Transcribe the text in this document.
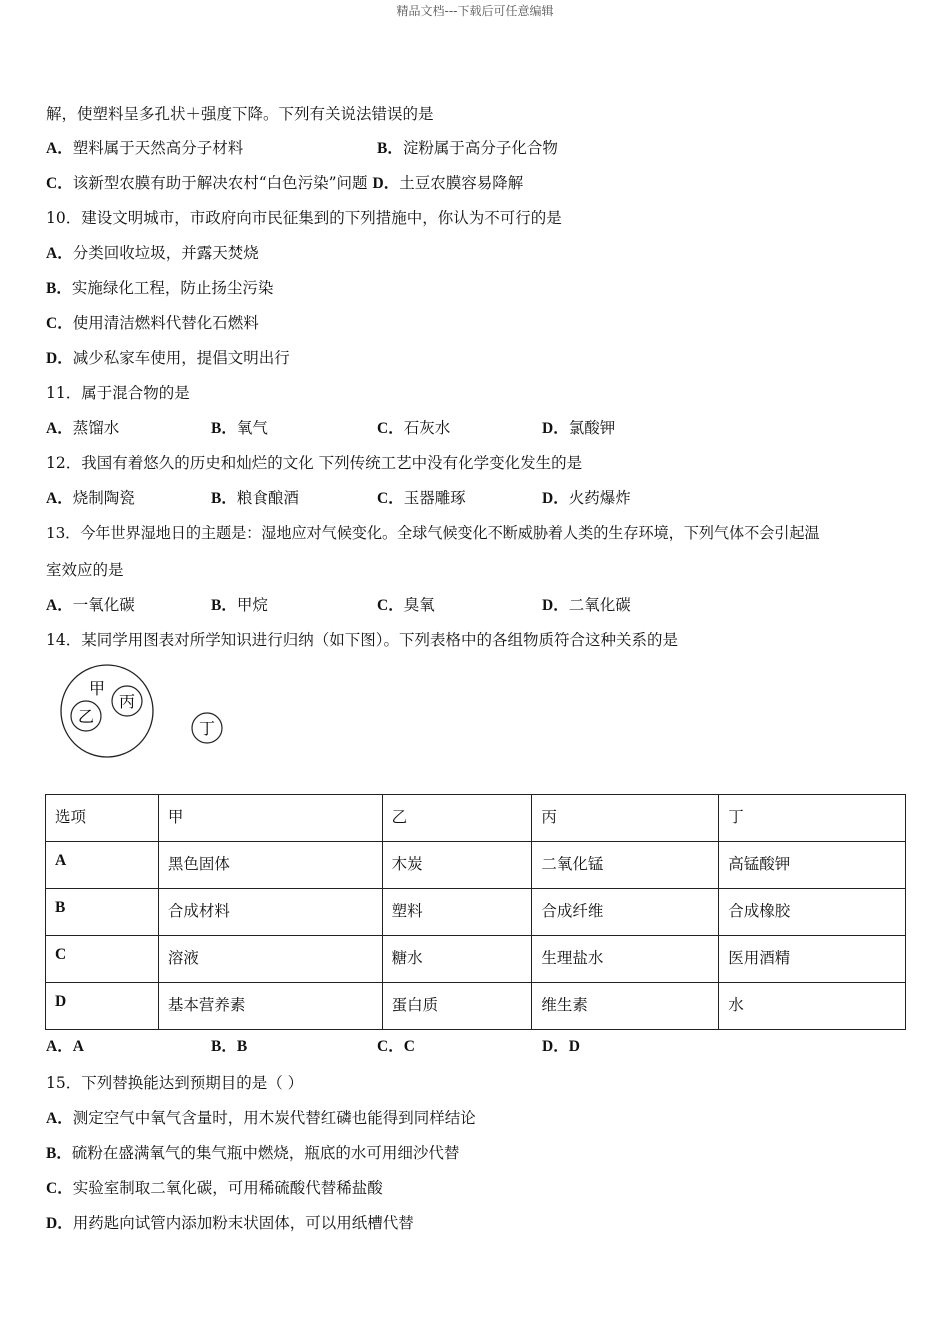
精品文档---下载后可任意编辑
解，使塑料呈多孔状＋强度下降。下列有关说法错误的是
A．塑料属于天然高分子材料	B．淀粉属于高分子化合物
C．该新型农膜有助于解决农村“白色污染”问题 D．土豆农膜容易降解
10．建设文明城市，市政府向市民征集到的下列措施中，你认为不可行的是
A．分类回收垃圾，并露天焚烧
B．实施绿化工程，防止扬尘污染
C．使用清洁燃料代替化石燃料
D．减少私家车使用，提倡文明出行
11．属于混合物的是
A．蒸馏水	B．氧气	C．石灰水	D．氯酸钾
12．我国有着悠久的历史和灿烂的文化 下列传统工艺中没有化学变化发生的是
A．烧制陶瓷	B．粮食酿酒	C．玉器雕琢	D．火药爆炸
13．今年世界湿地日的主题是：湿地应对气候变化。全球气候变化不断威胁着人类的生存环境，下列气体不会引起温
室效应的是
A．一氧化碳	B．甲烷	C．臭氧	D．二氧化碳
14．某同学用图表对所学知识进行归纳（如下图）。下列表格中的各组物质符合这种关系的是
甲
丙
乙
丁
选项	甲	乙	丙	丁
A	黑色固体	木炭	二氧化锰	高锰酸钾
B	合成材料	塑料	合成纤维	合成橡胶
C	溶液	糖水	生理盐水	医用酒精
D	基本营养素	蛋白质	维生素	水
A．A	B．B	C．C	D．D
15．下列替换能达到预期目的是（ ）
A．测定空气中氧气含量时，用木炭代替红磷也能得到同样结论
B．硫粉在盛满氧气的集气瓶中燃烧，瓶底的水可用细沙代替
C．实验室制取二氧化碳，可用稀硫酸代替稀盐酸
D．用药匙向试管内添加粉末状固体，可以用纸槽代替
